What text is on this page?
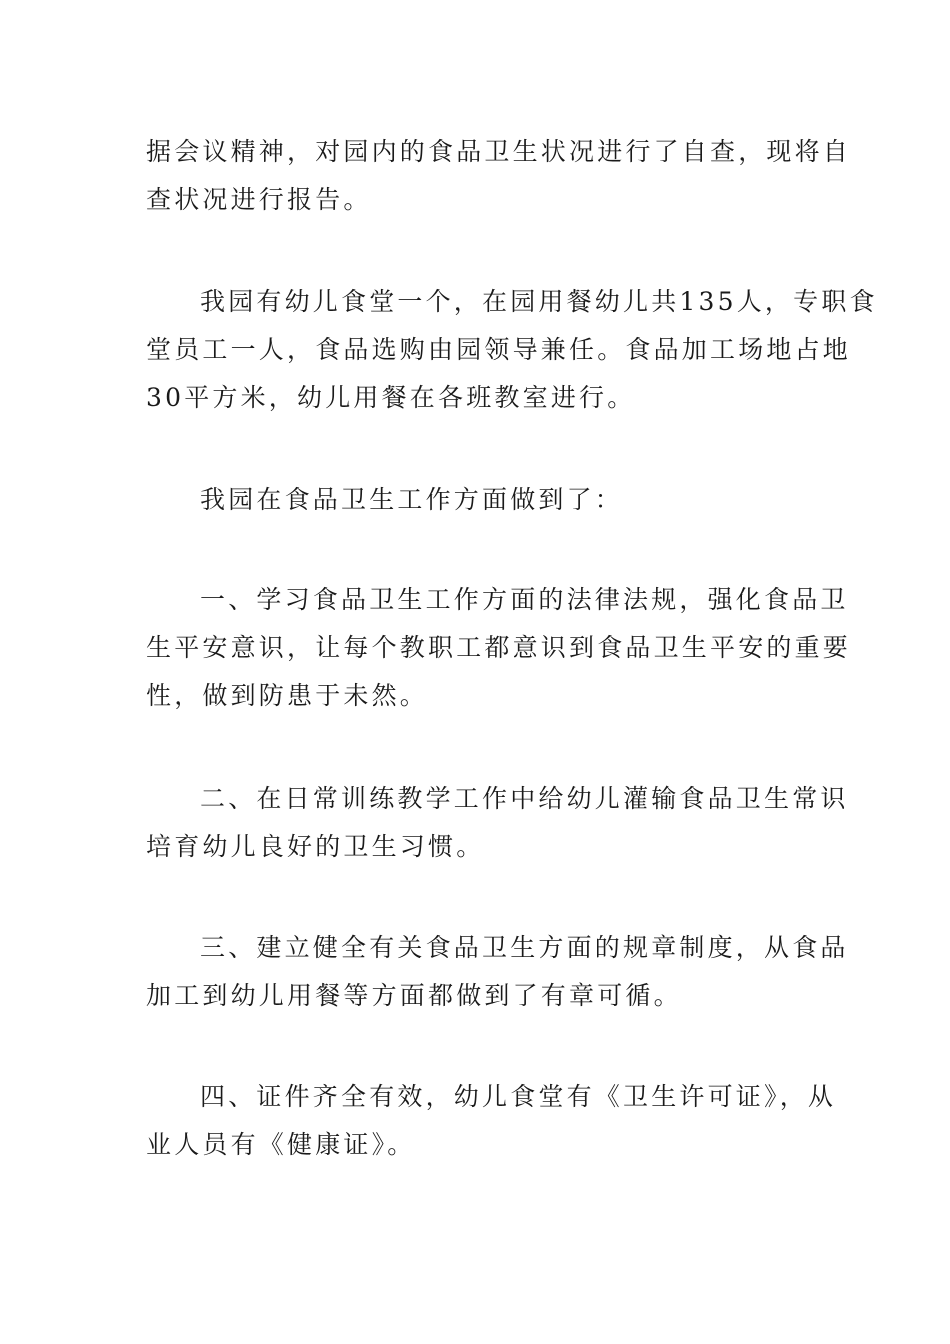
据会议精神，对园内的食品卫生状况进行了自查，现将自
查状况进行报告。

我园有幼儿食堂一个，在园用餐幼儿共135人，专职食
堂员工一人，食品选购由园领导兼任。食品加工场地占地
30平方米，幼儿用餐在各班教室进行。

我园在食品卫生工作方面做到了：

一、学习食品卫生工作方面的法律法规，强化食品卫
生平安意识，让每个教职工都意识到食品卫生平安的重要
性，做到防患于未然。

二、在日常训练教学工作中给幼儿灌输食品卫生常识
培育幼儿良好的卫生习惯。

三、建立健全有关食品卫生方面的规章制度，从食品
加工到幼儿用餐等方面都做到了有章可循。

四、证件齐全有效，幼儿食堂有《卫生许可证》，从
业人员有《健康证》。
